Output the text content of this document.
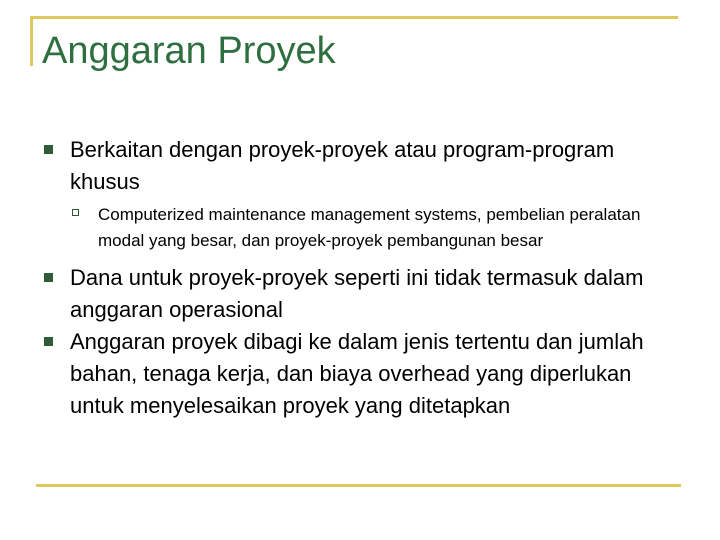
Anggaran Proyek
Berkaitan dengan proyek-proyek atau program-program khusus
Computerized maintenance management systems, pembelian peralatan modal yang besar, dan proyek-proyek pembangunan besar
Dana untuk proyek-proyek seperti ini tidak termasuk dalam anggaran operasional
Anggaran proyek dibagi ke dalam jenis tertentu dan jumlah bahan, tenaga kerja, dan biaya overhead yang diperlukan untuk menyelesaikan proyek yang ditetapkan
